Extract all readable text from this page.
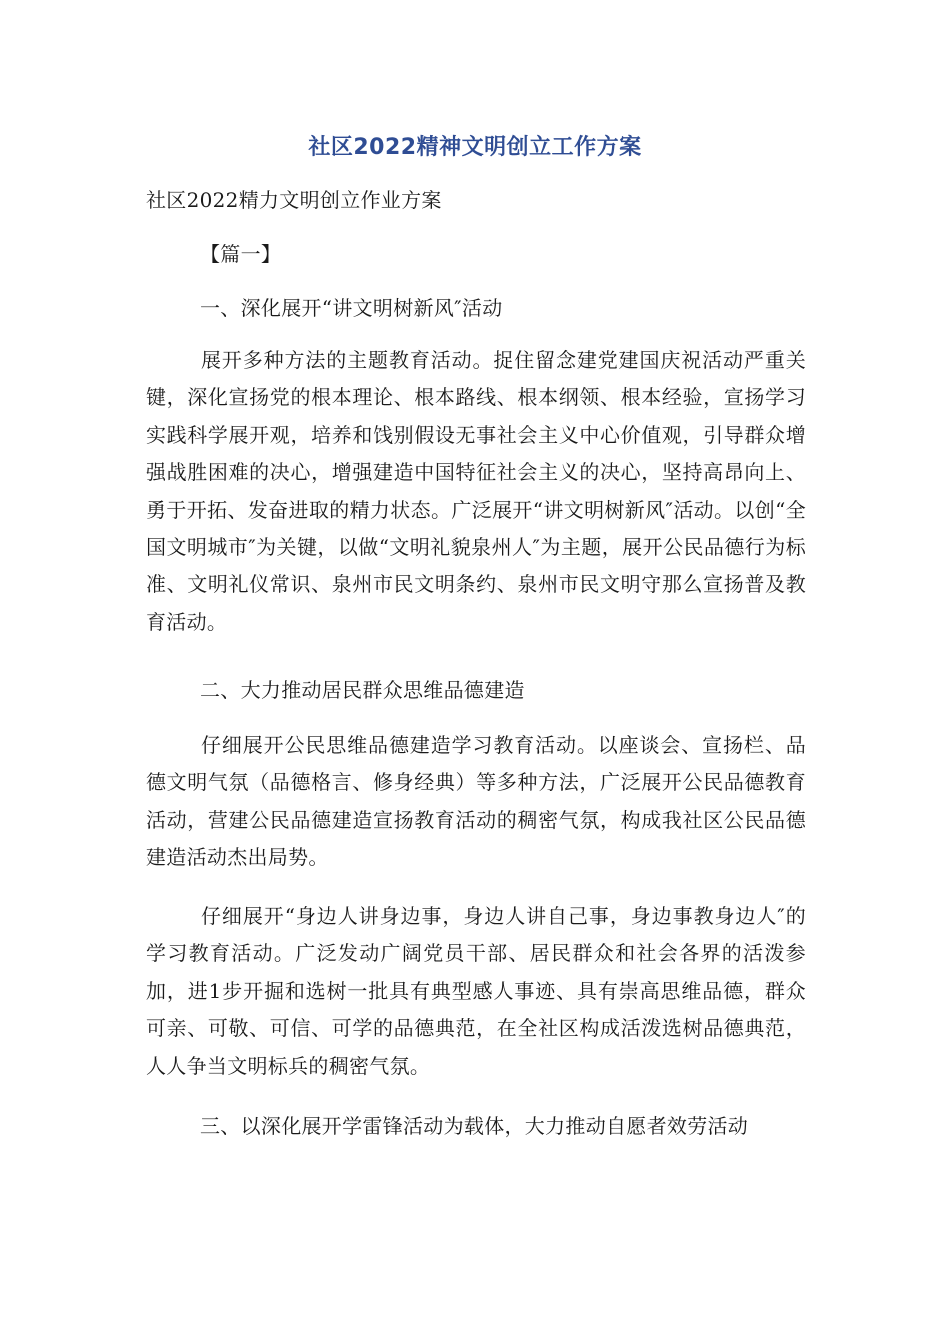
社区2022精神文明创立工作方案
社区2022精力文明创立作业方案
【篇一】
一、深化展开“讲文明树新风″活动
展开多种方法的主题教育活动。捉住留念建党建国庆祝活动严重关键，深化宣扬党的根本理论、根本路线、根本纲领、根本经验，宣扬学习实践科学展开观，培养和饯别假设无事社会主义中心价值观，引导群众增强战胜困难的决心，增强建造中国特征社会主义的决心，坚持高昂向上、勇于开拓、发奋进取的精力状态。广泛展开“讲文明树新风″活动。以创“全国文明城市″为关键，以做“文明礼貌泉州人″为主题，展开公民品德行为标准、文明礼仪常识、泉州市民文明条约、泉州市民文明守那么宣扬普及教育活动。
二、大力推动居民群众思维品德建造
仔细展开公民思维品德建造学习教育活动。以座谈会、宣扬栏、品德文明气氛（品德格言、修身经典）等多种方法，广泛展开公民品德教育活动，营建公民品德建造宣扬教育活动的稠密气氛，构成我社区公民品德建造活动杰出局势。
仔细展开“身边人讲身边事，身边人讲自己事，身边事教身边人″的学习教育活动。广泛发动广阔党员干部、居民群众和社会各界的活泼参加，进1步开掘和选树一批具有典型感人事迹、具有崇高思维品德，群众可亲、可敬、可信、可学的品德典范，在全社区构成活泼选树品德典范，人人争当文明标兵的稠密气氛。
三、以深化展开学雷锋活动为载体，大力推动自愿者效劳活动
